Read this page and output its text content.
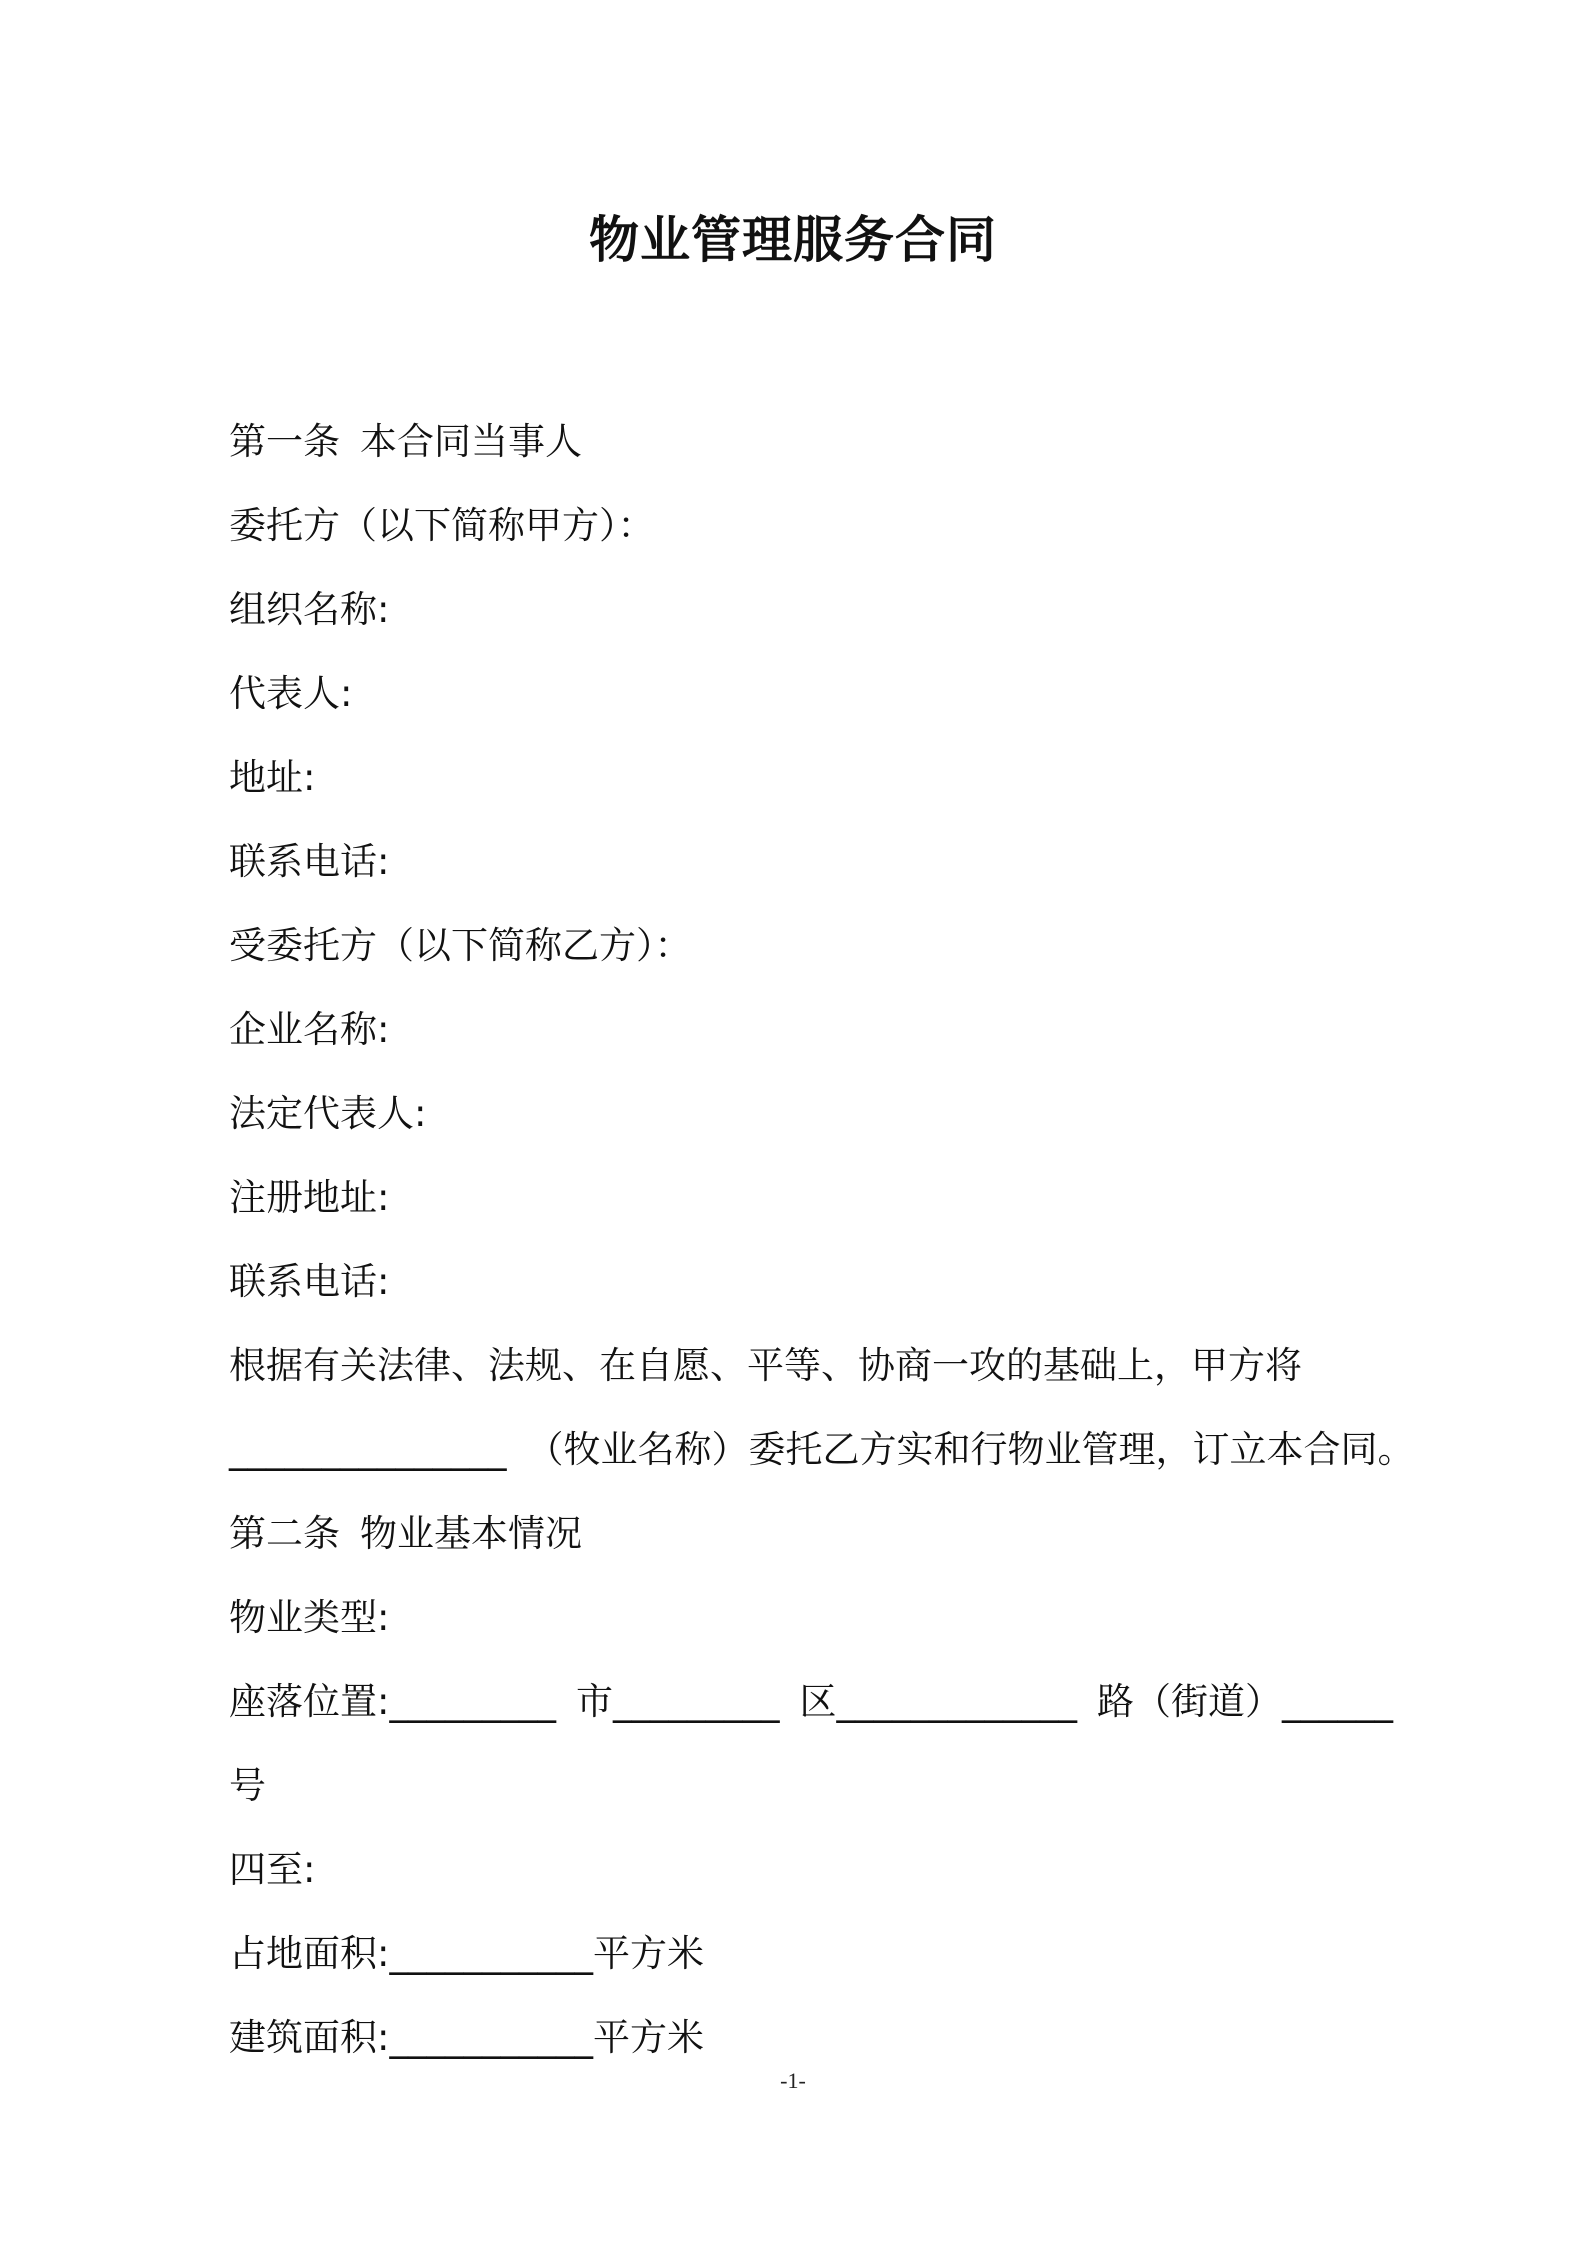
物业管理服务合同

第一条 本合同当事人

委托方（以下简称甲方）：

组织名称:

代表人:

地址:

联系电话:

受委托方（以下简称乙方）：

企业名称:

法定代表人:

注册地址:

联系电话:

根据有关法律、法规、在自愿、平等、协商一攻的基础上，甲方将

_______________ （牧业名称）委托乙方实和行物业管理，订立本合同。

第二条 物业基本情况

物业类型:

座落位置:_________ 市_________ 区_____________ 路（街道）______

号

四至:

占地面积:___________平方米

建筑面积:___________平方米

-1-
